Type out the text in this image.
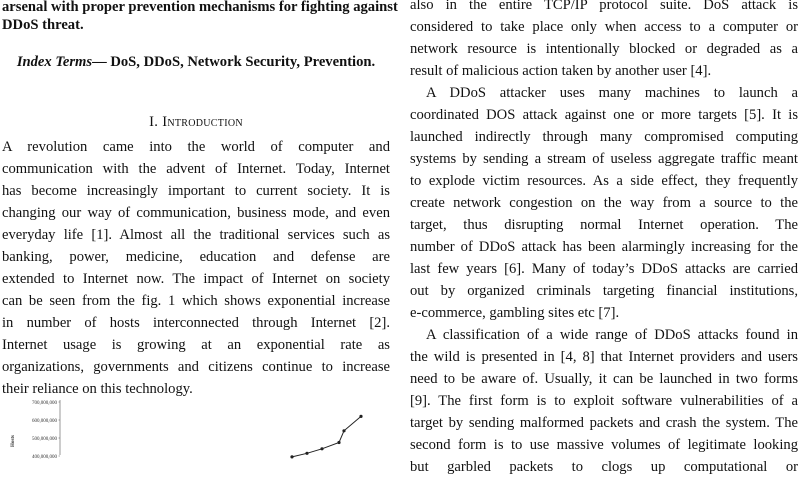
arsenal with proper prevention mechanisms for fighting against
DDoS threat.
Index Terms— DoS, DDoS, Network Security, Prevention.
I. Introduction
A revolution came into the world of computer and
communication with the advent of Internet. Today, Internet
has become increasingly important to current society. It is
changing our way of communication, business mode, and even
everyday life [1]. Almost all the traditional services such as
banking, power, medicine, education and defense are
extended to Internet now. The impact of Internet on society
can be seen from the fig. 1 which shows exponential increase
in number of hosts interconnected through Internet [2].
Internet usage is growing at an exponential rate as
organizations, governments and citizens continue to increase
their reliance on this technology.
700,000,000
600,000,000
500,000,000
400,000,000
Hosts
also in the entire TCP/IP protocol suite. DoS attack is
considered to take place only when access to a computer or
network resource is intentionally blocked or degraded as a
result of malicious action taken by another user [4].
A DDoS attacker uses many machines to launch a
coordinated DOS attack against one or more targets [5]. It is
launched indirectly through many compromised computing
systems by sending a stream of useless aggregate traffic meant
to explode victim resources. As a side effect, they frequently
create network congestion on the way from a source to the
target, thus disrupting normal Internet operation. The
number of DDoS attack has been alarmingly increasing for the
last few years [6]. Many of today’s DDoS attacks are carried
out by organized criminals targeting financial institutions,
e-commerce, gambling sites etc [7].
A classification of a wide range of DDoS attacks found in
the wild is presented in [4, 8] that Internet providers and users
need to be aware of. Usually, it can be launched in two forms
[9]. The first form is to exploit software vulnerabilities of a
target by sending malformed packets and crash the system. The
second form is to use massive volumes of legitimate looking
but garbled packets to clogs up computational or
